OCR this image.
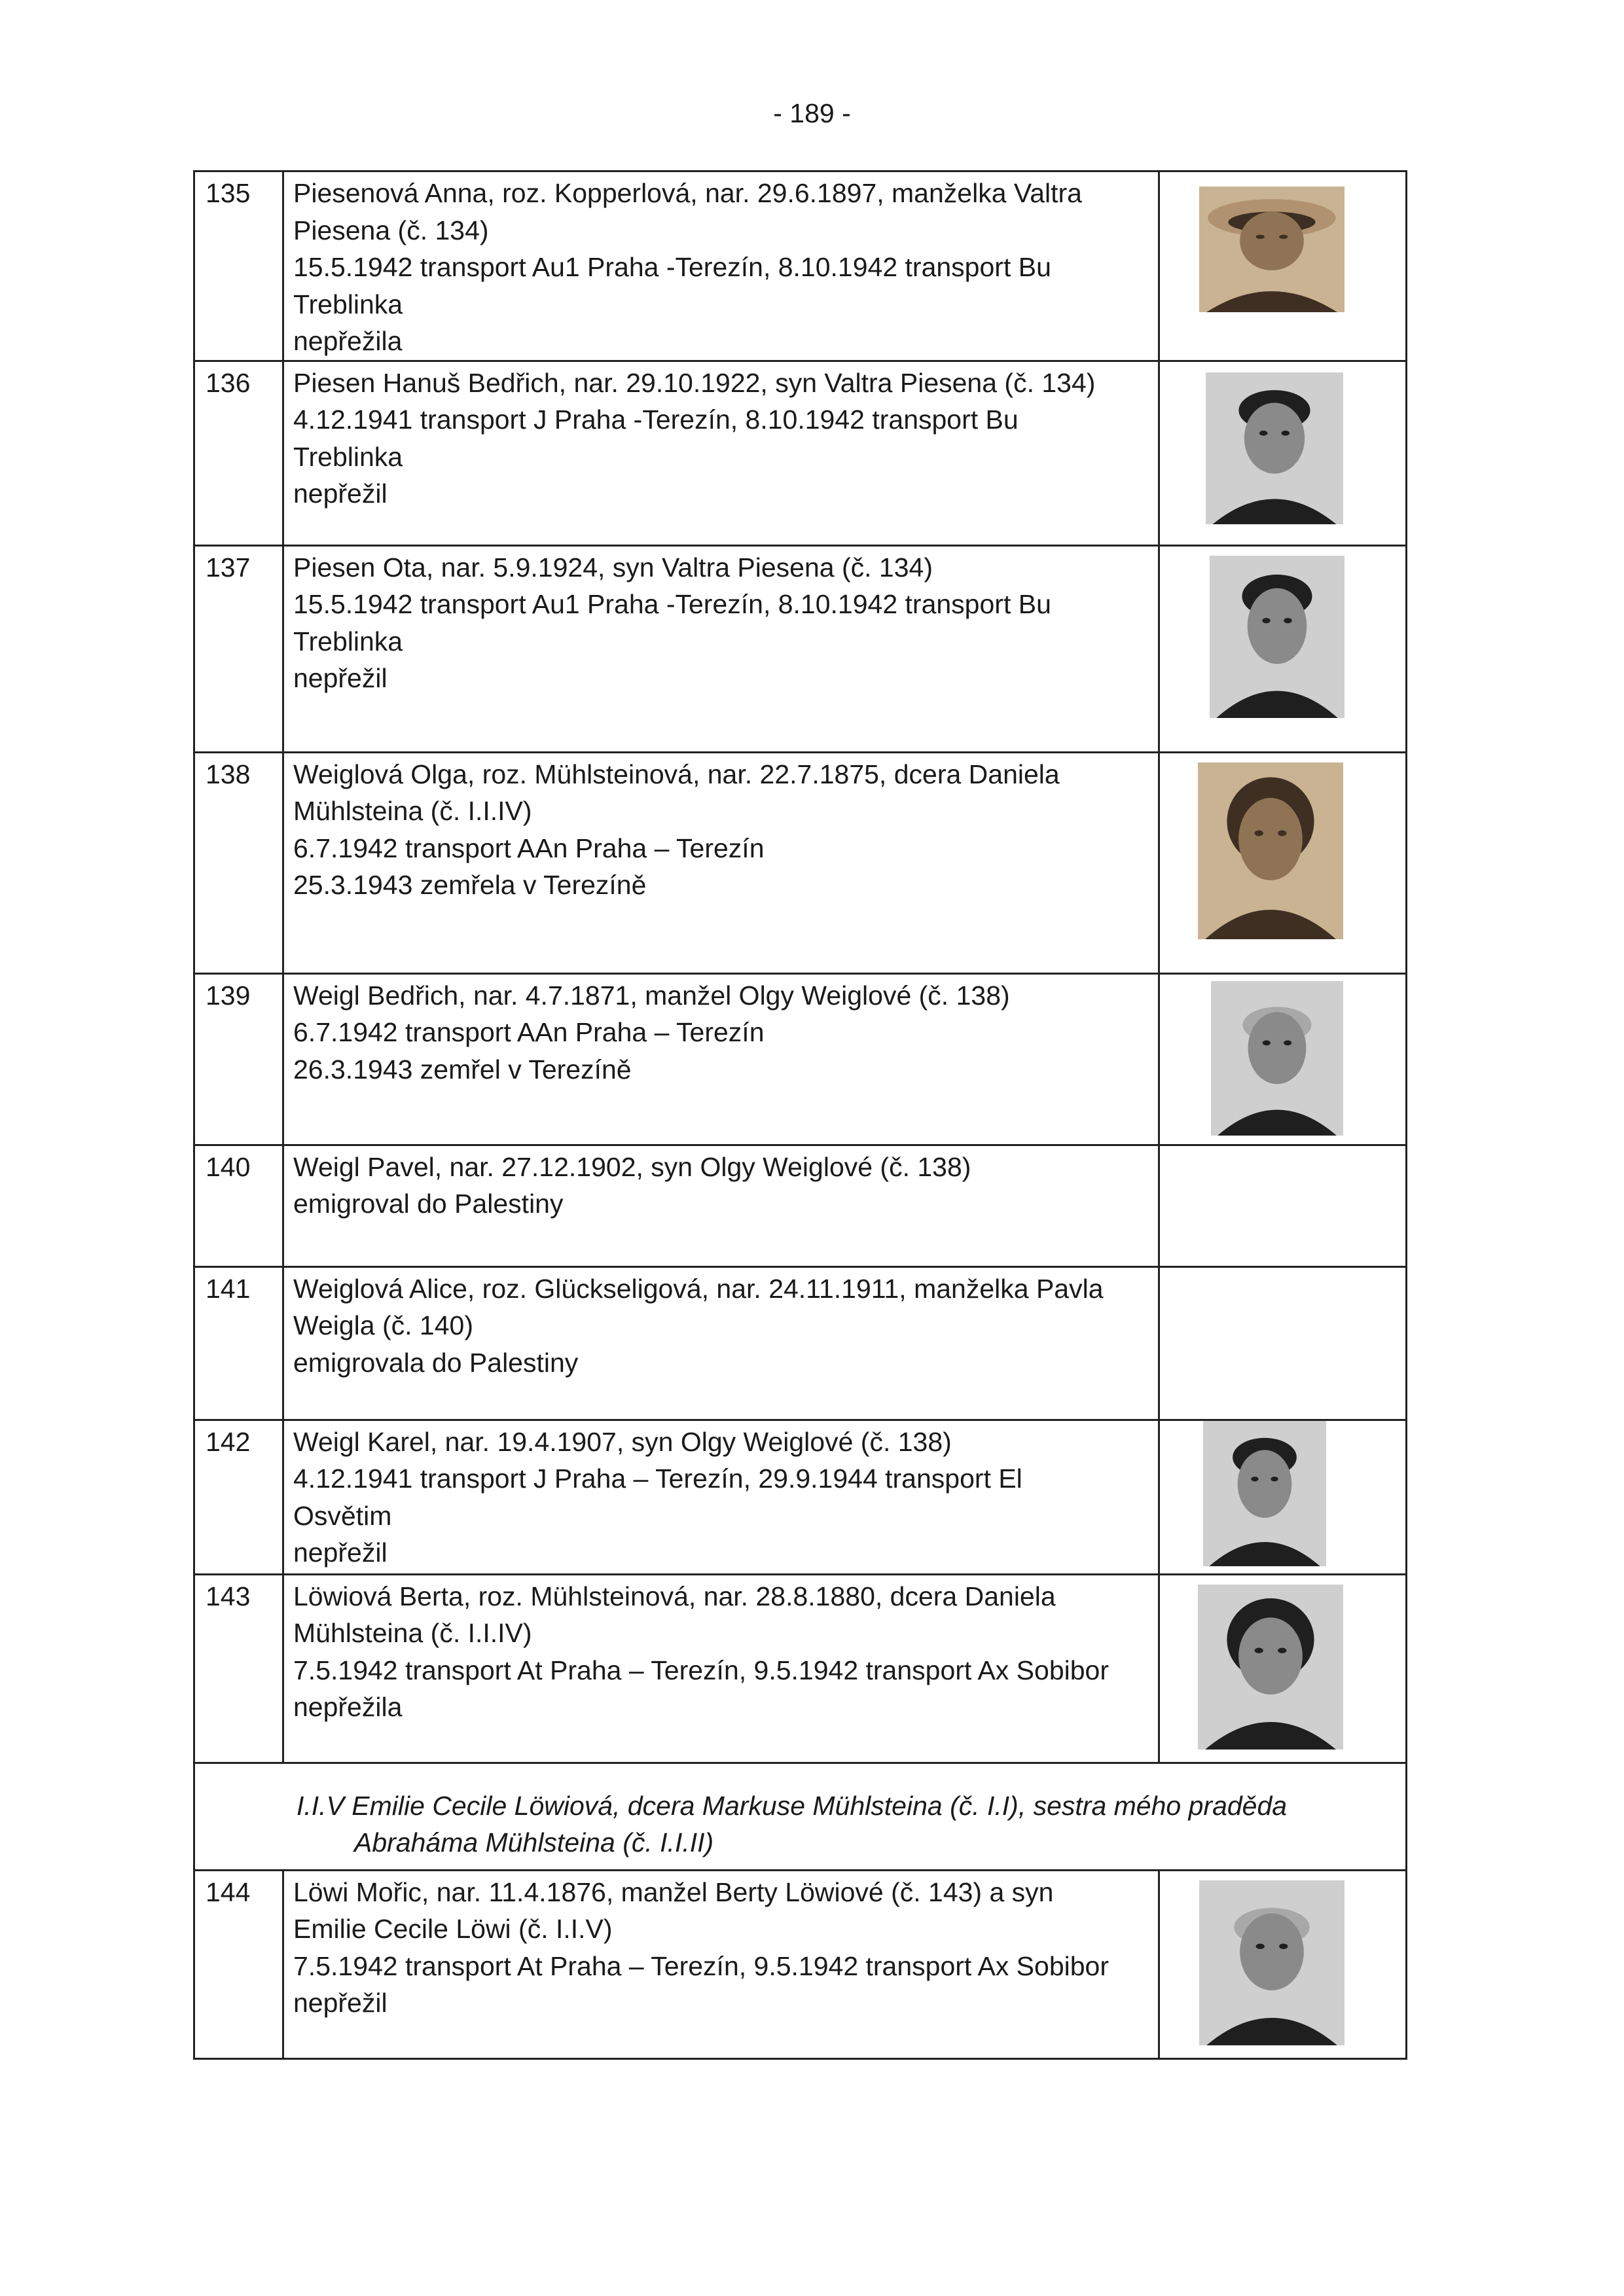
- 189 -
135	Piesenová Anna, roz. Kopperlová, nar. 29.6.1897, manželka Valtra
Piesena (č. 134)
15.5.1942 transport Au1 Praha -Terezín, 8.10.1942 transport Bu
Treblinka
nepřežila

136	Piesen Hanuš Bedřich, nar. 29.10.1922, syn Valtra Piesena (č. 134)
4.12.1941 transport J Praha -Terezín, 8.10.1942 transport Bu
Treblinka
nepřežil

137	Piesen Ota, nar. 5.9.1924, syn Valtra Piesena (č. 134)
15.5.1942 transport Au1 Praha -Terezín, 8.10.1942 transport Bu
Treblinka
nepřežil

138	Weiglová Olga, roz. Mühlsteinová, nar. 22.7.1875, dcera Daniela
Mühlsteina (č. I.I.IV)
6.7.1942 transport AAn Praha – Terezín
25.3.1943 zemřela v Terezíně

139	Weigl Bedřich, nar. 4.7.1871, manžel Olgy Weiglové (č. 138)
6.7.1942 transport AAn Praha – Terezín
26.3.1943 zemřel v Terezíně

140	Weigl Pavel, nar. 27.12.1902, syn Olgy Weiglové (č. 138)
emigroval do Palestiny	

141	Weiglová Alice, roz. Glückseligová, nar. 24.11.1911, manželka Pavla
Weigla (č. 140)
emigrovala do Palestiny	

142	Weigl Karel, nar. 19.4.1907, syn Olgy Weiglové (č. 138)
4.12.1941 transport J Praha – Terezín, 29.9.1944 transport El
Osvětim
nepřežil

143	Löwiová Berta, roz. Mühlsteinová, nar. 28.8.1880, dcera Daniela
Mühlsteina (č. I.I.IV)
7.5.1942 transport At Praha – Terezín, 9.5.1942 transport Ax Sobibor
nepřežila

I.I.V Emilie Cecile Löwiová, dcera Markuse Mühlsteina (č. I.I), sestra mého praděda
Abraháma Mühlsteina (č. I.I.II)		

144	Löwi Mořic, nar. 11.4.1876, manžel Berty Löwiové (č. 143) a syn
Emilie Cecile Löwi (č. I.I.V)
7.5.1942 transport At Praha – Terezín, 9.5.1942 transport Ax Sobibor
nepřežil
